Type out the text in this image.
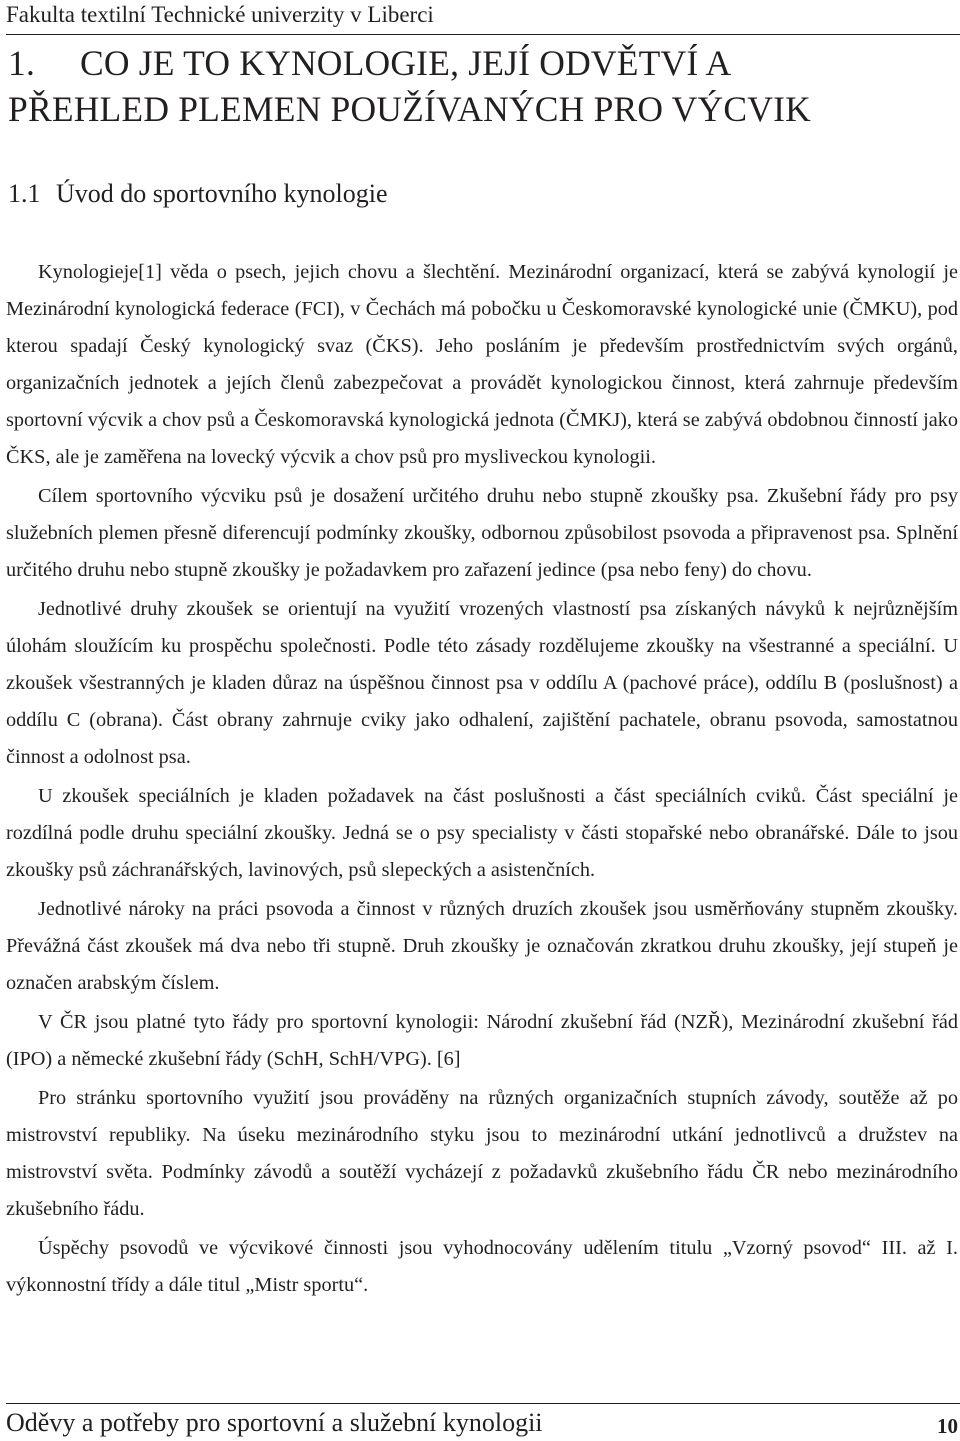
Fakulta textilní Technické univerzity v Liberci
1. CO JE TO KYNOLOGIE, JEJÍ ODVĚTVÍ A
PŘEHLED PLEMEN POUŽÍVANÝCH PRO VÝCVIK
1.1 Úvod do sportovního kynologie

Kynologieje[1] věda o psech, jejich chovu a šlechtění. Mezinárodní organizací, která se zabývá kynologií je Mezinárodní kynologická federace (FCI), v Čechách má pobočku u Českomoravské kynologické unie (ČMKU), pod kterou spadají Český kynologický svaz (ČKS). Jeho posláním je především prostřednictvím svých orgánů, organizačních jednotek a jejích členů zabezpečovat a provádět kynologickou činnost, která zahrnuje především sportovní výcvik a chov psů a Českomoravská kynologická jednota (ČMKJ), která se zabývá obdobnou činností jako ČKS, ale je zaměřena na lovecký výcvik a chov psů pro mysliveckou kynologii.

Cílem sportovního výcviku psů je dosažení určitého druhu nebo stupně zkoušky psa. Zkušební řády pro psy služebních plemen přesně diferencují podmínky zkoušky, odbornou způsobilost psovoda a připravenost psa. Splnění určitého druhu nebo stupně zkoušky je požadavkem pro zařazení jedince (psa nebo feny) do chovu.

Jednotlivé druhy zkoušek se orientují na využití vrozených vlastností psa získaných návyků k nejrůznějším úlohám sloužícím ku prospěchu společnosti. Podle této zásady rozdělujeme zkoušky na všestranné a speciální. U zkoušek všestranných je kladen důraz na úspěšnou činnost psa v oddílu A (pachové práce), oddílu B (poslušnost) a oddílu C (obrana). Část obrany zahrnuje cviky jako odhalení, zajištění pachatele, obranu psovoda, samostatnou činnost a odolnost psa.

U zkoušek speciálních je kladen požadavek na část poslušnosti a část speciálních cviků. Část speciální je rozdílná podle druhu speciální zkoušky. Jedná se o psy specialisty v části stopařské nebo obranářské. Dále to jsou zkoušky psů záchranářských, lavinových, psů slepeckých a asistenčních.

Jednotlivé nároky na práci psovoda a činnost v různých druzích zkoušek jsou usměrňovány stupněm zkoušky. Převážná část zkoušek má dva nebo tři stupně. Druh zkoušky je označován zkratkou druhu zkoušky, její stupeň je označen arabským číslem.

V ČR jsou platné tyto řády pro sportovní kynologii: Národní zkušební řád (NZŘ), Mezinárodní zkušební řád (IPO) a německé zkušební řády (SchH, SchH/VPG). [6]

Pro stránku sportovního využití jsou prováděny na různých organizačních stupních závody, soutěže až po mistrovství republiky. Na úseku mezinárodního styku jsou to mezinárodní utkání jednotlivců a družstev na mistrovství světa. Podmínky závodů a soutěží vycházejí z požadavků zkušebního řádu ČR nebo mezinárodního zkušebního řádu.

Úspěchy psovodů ve výcvikové činnosti jsou vyhodnocovány udělením titulu „Vzorný psovod“ III. až I. výkonnostní třídy a dále titul „Mistr sportu“.

Oděvy a potřeby pro sportovní a služební kynologii	10
